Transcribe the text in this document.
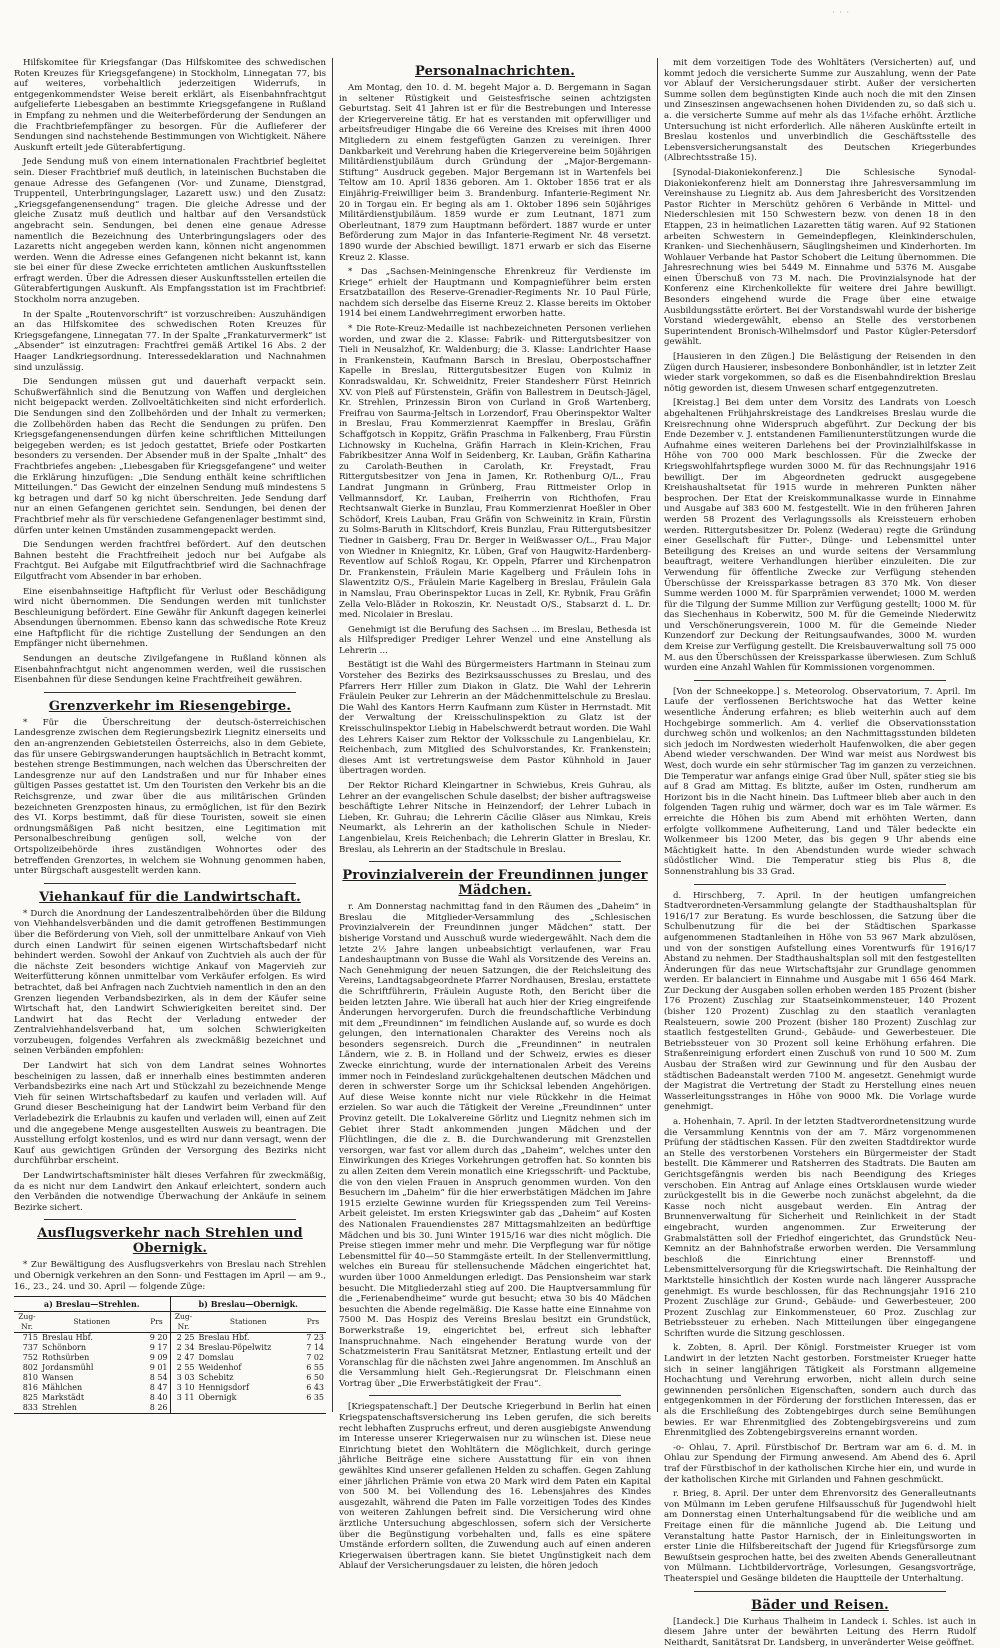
· · ·

Hilfskomitee für Kriegsfangar (Das Hilfskomitee des schwedischen Roten Kreuzes für Kriegsgefangene) in Stockholm, Linnegatan 77, bis auf weiteres, vorbehaltlich jederzeitigen Widerrufs, in entgegenkommendster Weise bereit erklärt, als Eisenbahnfrachtgut aufgelieferte Liebesgaben an bestimmte Kriegsgefangene in Rußland in Empfang zu nehmen und die Weiterbeförderung der Sendungen an die Frachtbriefempfänger zu besorgen. Für die Auflieferer der Sendungen sind nachstehende Bestimmungen von Wichtigkeit. Nähere Auskunft erteilt jede Güterabfertigung.

Jede Sendung muß von einem internationalen Frachtbrief begleitet sein. Dieser Frachtbrief muß deutlich, in lateinischen Buchstaben die genaue Adresse des Gefangenen (Vor- und Zuname, Dienstgrad, Truppenteil, Unterbringungslager, Lazarett usw.) und den Zusatz: „Kriegsgefangenensendung“ tragen. Die gleiche Adresse und der gleiche Zusatz muß deutlich und haltbar auf den Versandstück angebracht sein. Sendungen, bei denen eine genaue Adresse namentlich die Bezeichnung des Unterbringungslagers oder des Lazaretts nicht angegeben werden kann, können nicht angenommen werden. Wenn die Adresse eines Gefangenen nicht bekannt ist, kann sie bei einer für diese Zwecke errichteten amtlichen Auskunftsstellen erfragt werden. Über die Adressen dieser Auskunftsstellen erteilen die Güterabfertigungen Auskunft. Als Empfangsstation ist im Frachtbrief: Stockholm norra anzugeben.

In der Spalte „Routenvorschrift“ ist vorzuschreiben: Auszuhändigen an das Hilfskomitee des schwedischen Roten Kreuzes für Kriegsgefangene, Linnegatan 77. In der Spalte „Frankaturvermerk“ ist „Absender“ ist einzutragen: Frachtfrei gemäß Artikel 16 Abs. 2 der Haager Landkriegsordnung. Interessedeklaration und Nachnahmen sind unzulässig.

Die Sendungen müssen gut und dauerhaft verpackt sein. Schußwerfähnlich sind die Benutzung von Waffen und dergleichen nicht beigepackt werden. Zollvoeltätichkeiten sind nicht erforderlich. Die Sendungen sind den Zollbehörden und der Inhalt zu vermerken; die Zollbehörden haben das Recht die Sendungen zu prüfen. Den Kriegsgefangenensendungen dürfen keine schriftlichen Mitteilungen beigegeben werden; es ist jedoch gestattet, Briefe oder Postkarten besonders zu versenden. Der Absender muß in der Spalte „Inhalt“ des Frachtbriefes angeben: „Liebesgaben für Kriegsgefangene“ und weiter die Erklärung hinzufügen: „Die Sendung enthält keine schriftlichen Mitteilungen.“ Das Gewicht der einzelnen Sendung muß mindestens 5 kg betragen und darf 50 kg nicht überschreiten. Jede Sendung darf nur an einen Gefangenen gerichtet sein. Sendungen, bei denen der Frachtbrief mehr als für verschiedene Gefangenenlager bestimmt sind, dürfen unter keinen Umständen zusammengepackt werden.

Die Sendungen werden frachtfrei befördert. Auf den deutschen Bahnen besteht die Frachtfreiheit jedoch nur bei Aufgabe als Frachtgut. Bei Aufgabe mit Eilgutfrachtbrief wird die Sachnachfrage Eilgutfracht vom Absender in bar erhoben.

Eine eisenbahnseitige Haftpflicht für Verlust oder Beschädigung wird nicht übernommen. Die Sendungen werden mit tunlichster Beschleunigung befördert. Eine Gewähr für Ankunft dagegen keinerlei Absendungen übernommen. Ebenso kann das schwedische Rote Kreuz eine Haftpflicht für die richtige Zustellung der Sendungen an den Empfänger nicht übernehmen.

Sendungen an deutsche Zivilgefangene in Rußland können als Eisenbahnfrachtgut nicht angenommen werden, weil die russischen Eisenbahnen für diese Sendungen keine Frachtfreiheit gewähren.

Grenzverkehr im Riesengebirge.

* Für die Überschreitung der deutsch-österreichischen Landesgrenze zwischen dem Regierungsbezirk Liegnitz einerseits und den an-angrenzenden Gebietsteilen Österreichs, also in dem Gebiete, das für unsere Gebirgswanderungen hauptsächlich in Betracht kommt, bestehen strenge Bestimmungen, nach welchen das Überschreiten der Landesgrenze nur auf den Landstraßen und nur für Inhaber eines gültigen Passes gestattet ist. Um den Touristen den Verkehr bis an die Reichsgrenze, und zwar über die aus militärischen Gründen bezeichneten Grenzposten hinaus, zu ermöglichen, ist für den Bezirk des VI. Korps bestimmt, daß für diese Touristen, soweit sie einen ordnungsmäßigen Paß nicht besitzen, eine Legitimation mit Personalbeschreibung genügen soll, welche von der Ortspolizeibehörde ihres zuständigen Wohnortes oder des betreffenden Grenzortes, in welchem sie Wohnung genommen haben, unter Bürgschaft ausgestellt werden kann.

Viehankauf für die Landwirtschaft.

* Durch die Anordnung der Landeszentralbehörden über die Bildung von Viehhandelsverbänden und die damit getroffenen Bestimmungen über die Beförderung von Vieh, soll der unmittelbare Ankauf von Vieh durch einen Landwirt für seinen eigenen Wirtschaftsbedarf nicht behindert werden. Sowohl der Ankauf von Zuchtvieh als auch der für die nächste Zeit besonders wichtige Ankauf von Magervieh zur Weiterfütterung können unmittelbar vom Verkäufer erfolgen. Es wird betrachtet, daß bei Anfragen nach Zuchtvieh namentlich in den an den Grenzen liegenden Verbandsbezirken, als in dem der Käufer seine Wirtschaft hat, den Landwirt Schwierigkeiten bereitet sind. Der Landwirt hat das Recht der Verladung entweder der Zentralviehhandelsverband hat, um solchen Schwierigkeiten vorzubeugen, folgendes Verfahren als zweckmäßig bezeichnet und seinen Verbänden empfohlen:

Der Landwirt hat sich von dem Landrat seines Wohnortes bescheinigen zu lassen, daß er innerhalb eines bestimmten anderen Verbandsbezirks eine nach Art und Stückzahl zu bezeichnende Menge Vieh für seinen Wirtschaftsbedarf zu kaufen und verladen will. Auf Grund dieser Bescheinigung hat der Landwirt beim Verband für den Verladebezirk die Erlaubnis zu kaufen und verladen will, einen auf Zeit und die angegebene Menge ausgestellten Ausweis zu beantragen. Die Ausstellung erfolgt kostenlos, und es wird nur dann versagt, wenn der Kauf aus gewichtigen Gründen der Versorgung des Bezirks nicht durchführbar erscheint.

Der Landwirtschaftsminister hält dieses Verfahren für zweckmäßig, da es nicht nur dem Landwirt den Ankauf erleichtert, sondern auch den Verbänden die notwendige Überwachung der Ankäufe in seinem Bezirke sichert.

Ausflugsverkehr nach Strehlen und Obernigk.

* Zur Bewältigung des Ausflugsverkehrs von Breslau nach Strehlen und Obernigk verkehren an den Sonn- und Festtagen im April — am 9., 16., 23., 24. und 30. April — folgende Züge:

a) Breslau—Strehlen.
Zug-Nr.	Stationen	Prs
715	Breslau Hbf.	9 20
737	Schönborn	9 17
752	Rothsürben	9 09
802	Jordansmühl	9 01
810	Wansen	8 54
816	Mählchen	8 47
825	Markstädt	8 40
833	Strehlen	8 26
b) Breslau—Obernigk.
Zug-Nr.	Stationen	Prs
2 25	Breslau Hbf.	7 23
2 34	Breslau-Pöpelwitz	7 14
2 47	Domslau	7 02
2 55	Weidenhof	6 55
3 03	Schebitz	6 50
3 10	Hennigsdorf	6 43
3 11	Obernigk	6 35
Personalnachrichten.

Am Montag, den 10. d. M. begeht Major a. D. Bergemann in Sagan in seltener Rüstigkeit und Geistesfrische seinen achtzigsten Geburtstag. Seit 41 Jahren ist er für die Bestrebungen und Interesse der Kriegervereine tätig. Er hat es verstanden mit opferwilliger und arbeitsfreudiger Hingabe die 66 Vereine des Kreises mit ihren 4000 Mitgliedern zu einem festgefügten Ganzen zu vereinigen. Ihrer Dankbarkeit und Verehrung haben die Kriegervereine beim 50jährigen Militärdienstjubiläum durch Gründung der „Major-Bergemann-Stiftung“ Ausdruck gegeben. Major Bergemann ist in Wartenfels bei Teltow am 10. April 1836 geboren. Am 1. Oktober 1856 trat er als Einjährig-Freiwilliger beim 3. Brandenburg. Infanterie-Regiment Nr. 20 in Torgau ein. Er beging als am 1. Oktober 1896 sein 50jähriges Militärdienstjubiläum. 1859 wurde er zum Leutnant, 1871 zum Oberleutnant, 1879 zum Hauptmann befördert. 1887 wurde er unter Beförderung zum Major in das Infanterie-Regiment Nr. 48 versetzt. 1890 wurde der Abschied bewilligt. 1871 erwarb er sich das Eiserne Kreuz 2. Klasse.

* Das „Sachsen-Meiningensche Ehrenkreuz für Verdienste im Kriege“ erhielt der Hauptmann und Kompagnieführer beim ersten Ersatzbataillon des Reserve-Grenadier-Regiments Nr. 10 Paul Fürle, nachdem sich derselbe das Eiserne Kreuz 2. Klasse bereits im Oktober 1914 bei einem Landwehrregiment erworben hatte.

* Die Rote-Kreuz-Medaille ist nachbezeichneten Personen verliehen worden, und zwar die 2. Klasse: Fabrik- und Rittergutsbesitzer von Tieli in Neusalzhof, Kr. Waldenburg; die 3. Klasse: Landrichter Haase in Frankenstein, Kaufmann Barsch in Breslau, Oberpostschaffner Kapelle in Breslau, Rittergutsbesitzer Eugen von Kulmiz in Konradswaldau, Kr. Schweidnitz, Freier Standesherr Fürst Heinrich XV. von Pleß auf Fürstenstein, Gräfin von Ballestrem in Deutsch-Jägel, Kr. Strehlen, Prinzessin Biron von Curland in Groß Wartenberg, Freifrau von Saurma-Jeltsch in Lorzendorf, Frau Oberinspektor Walter in Breslau, Frau Kommerzienrat Kaempffer in Breslau, Gräfin Schaffgotsch in Koppitz, Gräfin Praschma in Falkenberg, Frau Fürstin Lichnowsky in Kuchelna, Gräfin Harrach in Klein-Krichen, Frau Fabrikbesitzer Anna Wolf in Seidenberg, Kr. Lauban, Gräfin Katharina zu Carolath-Beuthen in Carolath, Kr. Freystadt, Frau Rittergutsbesitzer von Jena in Jamen, Kr. Rothenburg O/L., Frau Landrat Jungmann in Grünberg, Frau Rittmeister Orlop in Vellmannsdorf, Kr. Lauban, Freiherrin von Richthofen, Frau Rechtsanwalt Gierke in Bunzlau, Frau Kommerzienrat Hoeßler in Ober Schödorf, Kreis Lauban, Frau Gräfin von Schweinitz in Krain, Fürstin zu Solms-Baruth in Klitschdorf, Kreis Bunzlau, Frau Rittergutsbesitzer Tiedner in Gaisberg, Frau Dr. Berger in Weißwasser O/L., Frau Major von Wiedner in Kniegnitz, Kr. Lüben, Graf von Haugwitz-Hardenberg-Reventlow auf Schloß Rogau, Kr. Oppeln, Pfarrer und Kirchenpatron Dr. Frankenstein, Fräulein Marie Kagelberg und Fräulein Iohs in Slawentzitz O/S., Fräulein Marie Kagelberg in Breslau, Fräulein Gala in Namslau, Frau Oberinspektor Lucas in Zell, Kr. Rybnik, Frau Gräfin Zella Velo-Bläder in Rokoszin, Kr. Neustadt O/S., Stabsarzt d. L. Dr. med. Nicolaier in Breslau.

Genehmigt ist die Berufung des Sachsen ... im Breslau, Bethesda ist als Hilfsprediger Prediger Lehrer Wenzel und eine Anstellung als Lehrerin ...

Bestätigt ist die Wahl des Bürgermeisters Hartmann in Steinau zum Vorsteher des Bezirks des Bezirksausschusses zu Breslau, und des Pfarrers Herr Hiller zum Diakon in Glatz. Die Wahl der Lehrerin Fräulein Peuker zur Lehrerin an der Mädchenmittelschule zu Breslau. Die Wahl des Kantors Herrn Kaufmann zum Küster in Herrnstadt. Mit der Verwaltung der Kreisschulinspektion zu Glatz ist der Kreisschulinspektor Liebig in Habelschwerdt betraut worden. Die Wahl des Lehrers Kaiser zum Rektor der Volksschule zu Langenbielau, Kr. Reichenbach, zum Mitglied des Schulvorstandes, Kr. Frankenstein; dieses Amt ist vertretungsweise dem Pastor Kühnhold in Jauer übertragen worden.

Der Rektor Richard Kleingartner in Schwiebus, Kreis Guhrau, als Lehrer an der evangelischen Schule daselbst; der bisher auftragsweise beschäftigte Lehrer Nitsche in Heinzendorf; der Lehrer Lubach in Lieben, Kr. Guhrau; die Lehrerin Cäcilie Gläser aus Nimkau, Kreis Neumarkt, als Lehrerin an der katholischen Schule in Nieder-Langenbielau, Kreis Reichenbach; die Lehrerin Glatter in Breslau, Kr. Breslau, als Lehrerin an der Stadtschule in Breslau.

Provinzialverein der Freundinnen junger Mädchen.

r. Am Donnerstag nachmittag fand in den Räumen des „Daheim“ in Breslau die Mitglieder-Versammlung des „Schlesischen Provinzialverein der Freundinnen junger Mädchen“ statt. Der bisherige Vorstand und Ausschuß wurde wiedergewählt. Nach dem die letzte 2½ Jahre langen unbeabsichtigt verlaufenen, war Frau Landeshauptmann von Busse die Wahl als Vorsitzende des Vereins an. Nach Genehmigung der neuen Satzungen, die der Reichsleitung des Vereins, Landtagsabgeordnete Pfarrer Nordhausen, Breslau, erstattete die Schriftführerin, Fräulein Auguste Roth, den Bericht über die beiden letzten Jahre. Wie überall hat auch hier der Krieg eingreifende Änderungen hervorgerufen. Durch die freundschaftliche Verbindung mit dem „Freundinnen“ im feindlichen Auslande auf, so wurde es doch gelungen, den internationalen Charakter des Vereins noch als besonders segensreich. Durch die „Freundinnen“ in neutralen Ländern, wie z. B. in Holland und der Schweiz, erwies es dieser Zwecke einrichtung, wurde der internationalen Arbeit des Vereins immer noch in Feindesland zurückgehaltenen deutschen Mädchen und deren in schwerster Sorge um ihr Schicksal lebenden Angehörigen. Auf diese Weise konnte nicht nur viele Rückkehr in die Heimat erzielen. So war auch die Tätigkeit der Vereine „Freundinnen“ unter Provinz geteilt. Die Lokalvereine Görlitz und Liegnitz nehmen sich im Gebiet ihrer Stadt ankommenden jungen Mädchen und der Flüchtlingen, die die z. B. die Durchwanderung mit Grenzstellen versorgen, war fast vor allem durch das „Daheim“, welches unter den Einwirkungen des Krieges Vorkehrungen getroffen hat. So konnten bis zu allen Zeiten dem Verein monatlich eine Kriegsschrift- und Packtube, die von den vielen Frauen in Anspruch genommen wurden. Von den Besuchern im „Daheim“ für die hier erwerbstätigen Mädchen im Jahre 1915 erzielte Gewinne wurden für Kriegsspenden zum Teil Vereins-Arbeit geleistet. Im ersten Kriegswinter gab das „Daheim“ auf Kosten des Nationalen Frauendienstes 287 Mittagsmahlzeiten an bedürftige Mädchen und bis 30. Juni Winter 1915/16 war dies nicht möglich. Die Preise stiegen immer mehr und mehr. Die Verpflegung war für nötige Lebensmittel für 40—50 Stammgäste erteilt. In der Stellenvermittlung, welches ein Bureau für stellensuchende Mädchen eingerichtet hat, wurden über 1000 Anmeldungen erledigt. Das Pensionsheim war stark besucht. Die Mitgliederzahl stieg auf 200. Die Hauptversammlung für die „Ferienabendheime“ wurde gut besucht; etwa 30 bis 40 Mädchen besuchten die Abende regelmäßig. Die Kasse hatte eine Einnahme von 7500 M. Das Hospiz des Vereins Breslau besitzt ein Grundstück, Borwerkstraße 19, eingerichtet bei, erfreut sich lebhafter Inanspruchnahme. Nach eingehender Beratung wurde von der Schatzmeisterin Frau Sanitätsrat Metzner, Entlastung erteilt und der Voranschlag für die nächsten zwei Jahre angenommen. Im Anschluß an die Versammlung hielt Geh.-Regierungsrat Dr. Fleischmann einen Vortrag über „Die Erwerbstätigkeit der Frau“.

[Kriegspatenschaft.] Der Deutsche Kriegerbund in Berlin hat einen Kriegspatenschaftsversicherung ins Leben gerufen, die sich bereits recht lebhaften Zuspruchs erfreut, und deren ausgiebigste Anwendung im Interesse unserer Kriegerwaisen nur zu wünschen ist. Diese neue Einrichtung bietet den Wohltätern die Möglichkeit, durch geringe jährliche Beiträge eine sichere Ausstattung für ein von ihnen gewähltes Kind unserer gefallenen Helden zu schaffen. Gegen Zahlung einer jährlichen Prämie von etwa 20 Mark wird dem Paten ein Kapital von 500 M. bei Vollendung des 16. Lebensjahres des Kindes ausgezahlt, während die Paten im Falle vorzeitigen Todes des Kindes von weiteren Zahlungen befreit sind. Die Versicherung wird ohne ärztliche Untersuchung abgeschlossen, sofern sich der Versicherte über die Begünstigung vorbehalten und, falls es eine spätere Umstände erfordern sollten, die Zuwendung auch auf einen anderen Kriegerwaisen übertragen kann. Sie bietet Ungünstigkeit nach dem Ablauf der Versicherungsdauer zu leisten, die hören jedoch

mit dem vorzeitigen Tode des Wohltäters (Versicherten) auf, und kommt jedoch die versicherte Summe zur Auszahlung, wenn der Pate vor Ablauf der Versicherungsdauer stirbt. Außer der versicherten Summe sollen dem begünstigten Kinde auch noch die mit den Zinsen und Zinseszinsen angewachsenen hohen Dividenden zu, so daß sich u. a. die versicherte Summe auf mehr als das 1½fache erhöht. Ärztliche Untersuchung ist nicht erforderlich. Alle näheren Auskünfte erteilt in Breslau kostenlos und unverbindlich die Geschäftsstelle des Lebensversicherungsanstalt des Deutschen Kriegerbundes (Albrechtsstraße 15).

[Synodal-Diakoniekonferenz.] Die Schlesische Synodal-Diakoniekonferenz hielt am Donnerstag ihre Jahresversammlung im Vereinshause zu Liegnitz ab. Aus dem Jahresbericht des Vorsitzenden Pastor Richter in Merschütz gehören 6 Verbände in Mittel- und Niederschlesien mit 150 Schwestern bezw. von denen 18 in den Etappen, 23 in heimatlichen Lazaretten tätig waren. Auf 92 Stationen arbeiten Schwestern in Gemeindepflegen, Kleinkinderschulen, Kranken- und Siechenhäusern, Säuglingsheimen und Kinderhorten. Im Wohlauer Verbande hat Pastor Schobert die Leitung übernommen. Die Jahresrechnung wies bei 5449 M. Einnahme und 5376 M. Ausgabe einen Überschuß von 73 M. nach. Die Provinzialsynode hat der Konferenz eine Kirchenkollekte für weitere drei Jahre bewilligt. Besonders eingehend wurde die Frage über eine etwaige Ausbildungsstätte erörtert. Bei der Vorstandswahl wurde der bisherige Vorstand wiedergewählt, ebenso an Stelle des verstorbenen Superintendent Bronisch-Wilhelmsdorf und Pastor Kügler-Petersdorf gewählt.

[Hausieren in den Zügen.] Die Belästigung der Reisenden in den Zügen durch Hausierer, insbesondere Bonbonhändler, ist in letzter Zeit wieder stark vorgekommen, so daß es die Eisenbahndirektion Breslau nötig geworden ist, diesem Unwesen scharf entgegenzutreten.

[Kreistag.] Bei dem unter dem Vorsitz des Landrats von Loesch abgehaltenen Frühjahrskreistage des Landkreises Breslau wurde die Kreisrechnung ohne Widerspruch abgeführt. Zur Deckung der bis Ende Dezember v. J. entstandenen Familienunterstützungen wurde die Aufnahme eines weiteren Darlehens bei der Provinzialhilfskasse in Höhe von 700 000 Mark beschlossen. Für die Zwecke der Kriegswohlfahrtspflege wurden 3000 M. für das Rechnungsjahr 1916 bewilligt. Der im Abgeordneten gedruckt ausgegebene Kreishaushaltsetat für 1915 wurde in mehreren Punkten näher besprochen. Der Etat der Kreiskommunalkasse wurde in Einnahme und Ausgabe auf 383 600 M. festgestellt. Wie in den früheren Jahren werden 58 Prozent des Verlagungssolls als Kreissteuern erhoben werden. Rittergutsbesitzer Dr. Polenz (Wederau) regte die Gründung einer Gesellschaft für Futter-, Dünge- und Lebensmittel unter Beteiligung des Kreises an und wurde seitens der Versammlung beauftragt, weitere Verhandlungen hierüber einzuleiten. Die zur Verwendung für öffentliche Zwecke zur Verfügung stehenden Überschüsse der Kreissparkasse betragen 83 370 Mk. Von dieser Summe werden 1000 M. für Sparprämien verwendet; 1000 M. werden für die Tilgung der Summe Million zur Verfügung gestellt; 1000 M. für das Siechenhaus in Koberwitz, 500 M. für die Gemeinde Niederwitz und Verschönerungsverein, 1000 M. für die Gemeinde Nieder Kunzendorf zur Deckung der Reitungsaufwandes, 3000 M. wurden dem Kreise zur Verfügung gestellt. Die Kreisbauverwaltung soll 75 000 M. aus den Überschüssen der Kreissparkasse überwiesen. Zum Schluß wurden eine Anzahl Wahlen für Kommissionen vorgenommen.

[Von der Schneekoppe.] s. Meteorolog. Observatorium, 7. April. Im Laufe der verflossenen Berichtswoche hat das Wetter keine wesentliche Änderung erfahren; es blieb weiterhin auch auf dem Hochgebirge sommerlich. Am 4. verlief die Observationsstation durchweg schön und wolkenlos; an den Nachmittagsstunden bildeten sich jedoch im Nordwesten wiederholt Haufenwolken, die aber gegen Abend wieder verschwanden. Der Wind war meist aus Nordwest bis West, doch wurde ein sehr stürmischer Tag im ganzen zu verzeichnen. Die Temperatur war anfangs einige Grad über Null, später stieg sie bis auf 8 Grad am Mittag. Es blitzte, außer im Osten, rundherum am Horizont bis in die Nacht hinein. Das Luftmeer blieb aber auch in den folgenden Tagen ruhig und wärmer, doch war es im Tale wärmer. Es erreichte die Höhen bis zum Abend mit erhöhten Werten, dann erfolgte vollkommene Aufheiterung, Land und Täler bedeckte ein Wolkenmeer bis 1200 Meter, das bis gegen 9 Uhr abends eine Mächtigkeit hatte. In den Abendstunden wurde wieder schwach südöstlicher Wind. Die Temperatur stieg bis Plus 8, die Sonnenstrahlung bis 33 Grad.

d. Hirschberg, 7. April. In der heutigen umfangreichen Stadtverordneten-Versammlung gelangte der Stadthaushaltsplan für 1916/17 zur Beratung. Es wurde beschlossen, die Satzung über die Schulbenutzung für die bei der Städtischen Sparkasse aufgenommenen Stadtanleihen in Höhe von 53 967 Mark abzulösen, und von der sonstigen Aufstellung eines Vorentwurfs für 1916/17 Abstand zu nehmen. Der Stadthaushaltsplan soll mit den festgestellten Änderungen für das neue Wirtschaftsjahr zur Grundlage genommen werden. Er balanciert in Einnahme und Ausgabe mit 1 656 464 Mark. Zur Deckung der Ausgaben sollen erhoben werden 185 Prozent (bisher 176 Prozent) Zuschlag zur Staatseinkommensteuer, 140 Prozent (bisher 120 Prozent) Zuschlag zu den staatlich veranlagten Realsteuern, sowie 200 Prozent (bisher 180 Prozent) Zuschlag zur staatlich festgestellten Grund-, Gebäude- und Gewerbesteuer. Die Betriebssteuer von 30 Prozent soll keine Erhöhung erfahren. Die Straßenreinigung erfordert einen Zuschuß von rund 10 500 M. Zum Ausbau der Straßen wird zur Gewinnung und für den Ausbau der städtischen Badeanstalt werden 7100 M. angesetzt. Genehmigt wurde der Magistrat die Vertretung der Stadt zu Herstellung eines neuen Wasserleitungsstranges in Höhe von 9000 Mk. Die Vorlage wurde genehmigt.

a. Hohenhain, 7. April. In der letzten Stadtverordnetensitzung wurde die Versammlung Kenntnis von der am 7. März vorgenommenen Prüfung der städtischen Kassen. Für den zweiten Stadtdirektor wurde an Stelle des verstorbenen Vorstehers ein Bürgermeister der Stadt bestellt. Die Kämmerer und Ratsherren des Stadtrats. Die Bauten am Gerichtsgefängnis werden bis nach Beendigung des Krieges verschoben. Ein Antrag auf Anlage eines Ortsklausen wurde wieder zurückgestellt bis in die Gewerbe noch zunächst abgelehnt, da die Kasse noch nicht ausgebaut werden. Ein Antrag der Brunnenverwaltung für Sicherheit und Reinlichkeit in der Stadt eingebracht, wurden angenommen. Zur Erweiterung der Grabmalstätten soll der Friedhof eingerichtet, das Grundstück Neu-Kemnitz an der Bahnhofstraße erworben werden. Die Versammlung beschloß die Einrichtung einer Brennstoff- und Lebensmittelversorgung für die Kriegswirtschaft. Die Reinhaltung der Marktstelle hinsichtlich der Kosten wurde nach längerer Aussprache genehmigt. Es wurde beschlossen, für das Rechnungsjahr 1916 210 Prozent Zuschläge zur Grund-, Gebäude- und Gewerbesteuer, 200 Prozent Zuschlag zur Einkommensteuer, 60 Proz. Zuschlag zur Betriebssteuer zu erheben. Nach Mitteilungen über eingegangene Schriften wurde die Sitzung geschlossen.

k. Zobten, 8. April. Der Königl. Forstmeister Krueger ist vom Landwirt in der letzten Nacht gestorben. Forstmeister Krueger hatte sich in seiner langjährigen Tätigkeit als Forstmann allgemeine Hochachtung und Verehrung erworben, nicht allein durch seine gewinnenden persönlichen Eigenschaften, sondern auch durch das entgegenkommen in der Förderung der forstlichen Interessen, das er als die Erschließung des Zobtengebirges durch seine Bemühungen bewies. Er war Ehrenmitglied des Zobtengebirgsvereins und zum Ehrenmitglied des Zobtengebirgsvereins ernannt worden.

-o- Ohlau, 7. April. Fürstbischof Dr. Bertram war am 6. d. M. in Ohlau zur Spendung der Firmung anwesend. Am Abend des 6. April traf der Fürstbischof in der katholischen Kirche hier ein, und wurde in der katholischen Kirche mit Girlanden und Fahnen geschmückt.

r. Brieg, 8. April. Der unter dem Ehrenvorsitz des Generalleutnants von Mülmann im Leben gerufene Hilfsausschuß für Jugendwohl hielt am Donnerstag einen Unterhaltungsabend für die weibliche und am Freitage einen für die männliche Jugend ab. Die Leitung und Veranstaltung hatte Pastor Harnisch, der in Einleitungsworten in erster Linie die Hilfsbereitschaft der Jugend für Kriegsfürsorge zum Bewußtsein gesprochen hatte, bei des zweiten Abends Generalleutnant von Mülmann. Lichtbildervorträge, Vorlesungen, Gesangsvorträge, Theaterspiel und Gesänge bildeten die Hauptteile der Unterhaltung.

Bäder und Reisen.

[Landeck.] Die Kurhaus Thalheim in Landeck i. Schles. ist auch in diesem Jahre unter der bewährten Leitung des Herrn Rudolf Neithardt, Sanitätsrat Dr. Landsberg, in unveränderter Weise geöffnet.
